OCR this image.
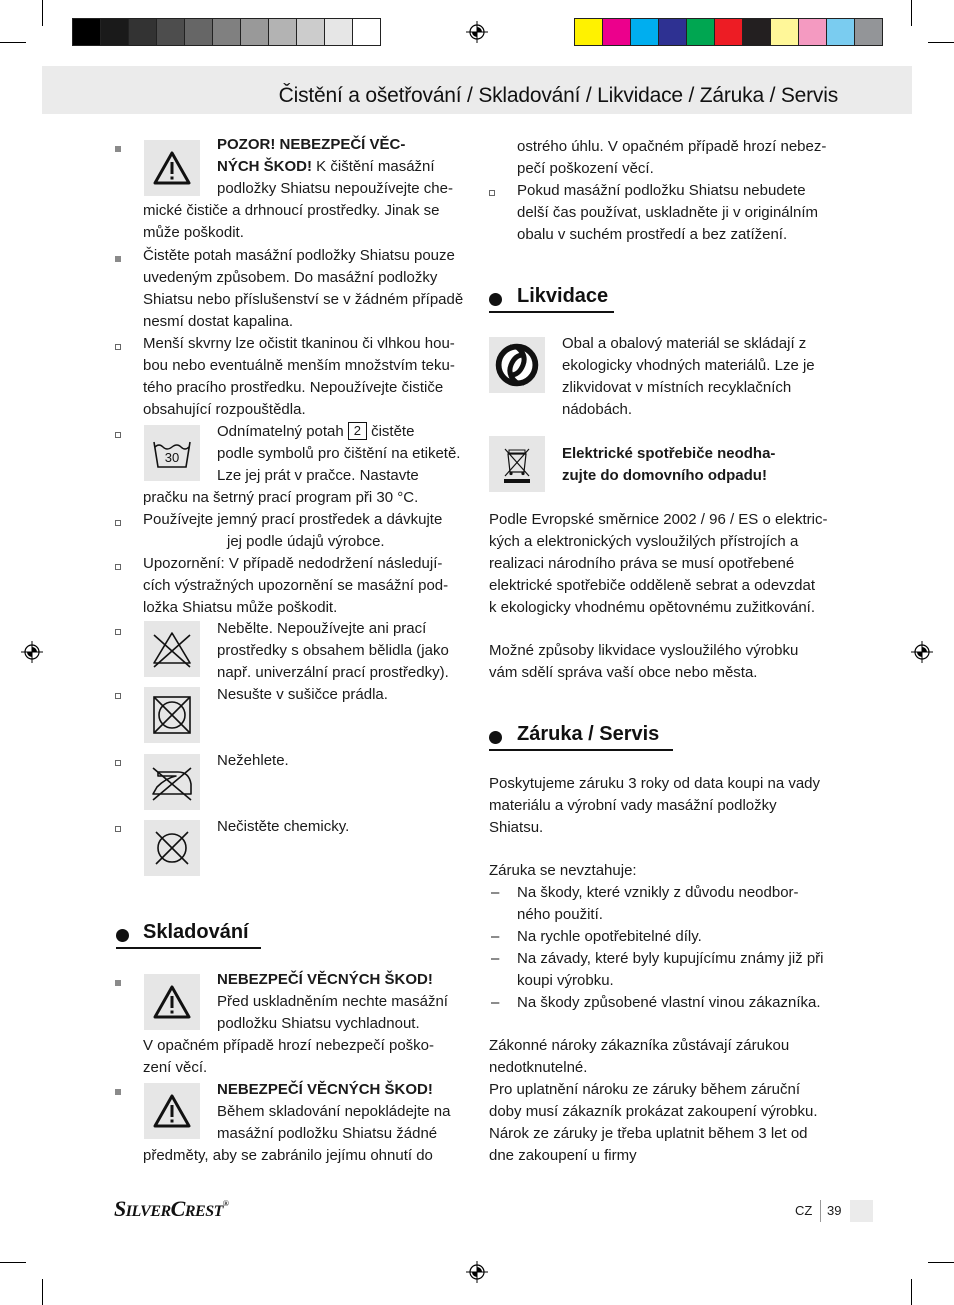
Čistění a ošetřování / Skladování / Likvidace / Záruka / Servis
POZOR! NEBEZPEČÍ VĚC-
NÝCH ŠKOD! K čištění masážní
podložky Shiatsu nepoužívejte che-
mické čističe a drhnoucí prostředky. Jinak se
může poškodit.
Čistěte potah masážní podložky Shiatsu pouze
uvedeným způsobem. Do masážní podložky
Shiatsu nebo příslušenství se v žádném případě
nesmí dostat kapalina.
Menší skvrny lze očistit tkaninou či vlhkou hou-
bou nebo eventuálně menším množstvím teku-
tého pracího prostředku. Nepoužívejte čističe
obsahující rozpouštědla.
30
Odnímatelný potah 2 čistěte
podle symbolů pro čištění na etiketě.
Lze jej prát v pračce. Nastavte
pračku na šetrný prací program při 30 °C.
Používejte jemný prací prostředek a dávkujte
jej podle údajů výrobce.
Upozornění: V případě nedodržení následují-
cích výstražných upozornění se masážní pod-
ložka Shiatsu může poškodit.
Nebělte. Nepoužívejte ani prací
prostředky s obsahem bělidla (jako
např. univerzální prací prostředky).
Nesušte v sušičce prádla.
Nežehlete.
Nečistěte chemicky.
Skladování
NEBEZPEČÍ VĚCNÝCH ŠKOD!
Před uskladněním nechte masážní
podložku Shiatsu vychladnout.
V opačném případě hrozí nebezpečí pošk​o-
zení věcí.
NEBEZPEČÍ VĚCNÝCH ŠKOD!
Během skladování nepokládejte na
masážní podložku Shiatsu žádné
předměty, aby se zabránilo jejímu ohnutí do
ostrého úhlu. V opačném případě hrozí nebez-
pečí poškození věcí.
Pokud masážní podložku Shiatsu nebudete
delší čas používat, uskladněte ji v originálním
obalu v suchém prostředí a bez zatížení.
Likvidace
Obal a obalový materiál se skládají z
ekologicky vhodných materiálů. Lze je
zlikvidovat v místních recyklačních
nádobách.
Elektrické spotřebiče neodha-
zujte do domovního odpadu!
Podle Evropské směrnice 2002 / 96 / ES o elektric-
kých a elektronických vysloužilých přístrojích a
realizaci národního práva se musí opotřebené
elektrické spotřebiče odděleně sebrat a odevzdat
k ekologicky vhodnému opětovnému zužitkování.
Možné způsoby likvidace vysloužilého výrobku
vám sdělí správa vaší obce nebo města.
Záruka / Servis
Poskytujeme záruku 3 roky od data koupi na vady
materiálu a výrobní vady masážní podložky
Shiatsu.
Záruka se nevztahuje:
– Na škody, které vznikly z důvodu neodbor-
ného použití.
– Na rychle opotřebitelné díly.
– Na závady, které byly kupujícímu známy již při
koupi výrobku.
– Na škody způsobené vlastní vinou zákazníka.
Zákonné nároky zákazníka zůstávají zárukou
nedotknutelné.
Pro uplatnění nároku ze záruky během záruční
doby musí zákazník prokázat zakoupení výrobku.
Nárok ze záruky je třeba uplatnit během 3 let od
dne zakoupení u firmy
SILVERCREST®	CZ 39
